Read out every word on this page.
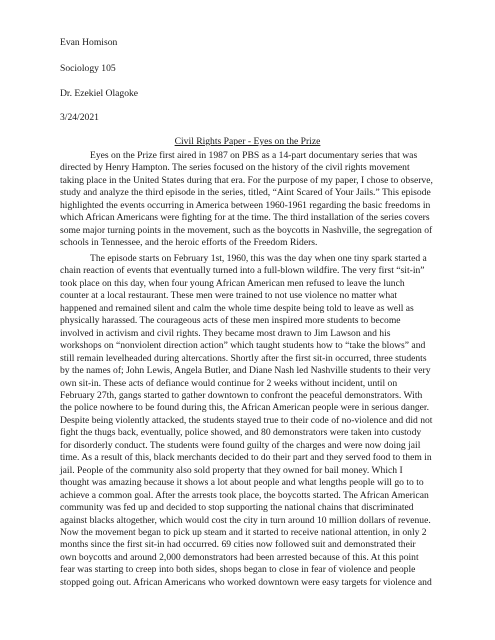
Evan Homison
Sociology 105
Dr. Ezekiel Olagoke
3/24/2021
Civil Rights Paper - Eyes on the Prize
Eyes on the Prize first aired in 1987 on PBS as a 14-part documentary series that was
directed by Henry Hampton. The series focused on the history of the civil rights movement
taking place in the United States during that era. For the purpose of my paper, I chose to observe,
study and analyze the third episode in the series, titled, “Aint Scared of Your Jails.” This episode
highlighted the events occurring in America between 1960-1961 regarding the basic freedoms in
which African Americans were fighting for at the time. The third installation of the series covers
some major turning points in the movement, such as the boycotts in Nashville, the segregation of
schools in Tennessee, and the heroic efforts of the Freedom Riders.
The episode starts on February 1st, 1960, this was the day when one tiny spark started a
chain reaction of events that eventually turned into a full-blown wildfire. The very first “sit-in”
took place on this day, when four young African American men refused to leave the lunch
counter at a local restaurant. These men were trained to not use violence no matter what
happened and remained silent and calm the whole time despite being told to leave as well as
physically harassed. The courageous acts of these men inspired more students to become
involved in activism and civil rights. They became most drawn to Jim Lawson and his
workshops on “nonviolent direction action” which taught students how to “take the blows” and
still remain levelheaded during altercations. Shortly after the first sit-in occurred, three students
by the names of; John Lewis, Angela Butler, and Diane Nash led Nashville students to their very
own sit-in. These acts of defiance would continue for 2 weeks without incident, until on
February 27th, gangs started to gather downtown to confront the peaceful demonstrators. With
the police nowhere to be found during this, the African American people were in serious danger.
Despite being violently attacked, the students stayed true to their code of no-violence and did not
fight the thugs back, eventually, police showed, and 80 demonstrators were taken into custody
for disorderly conduct. The students were found guilty of the charges and were now doing jail
time. As a result of this, black merchants decided to do their part and they served food to them in
jail. People of the community also sold property that they owned for bail money. Which I
thought was amazing because it shows a lot about people and what lengths people will go to to
achieve a common goal. After the arrests took place, the boycotts started. The African American
community was fed up and decided to stop supporting the national chains that discriminated
against blacks altogether, which would cost the city in turn around 10 million dollars of revenue.
Now the movement began to pick up steam and it started to receive national attention, in only 2
months since the first sit-in had occurred. 69 cities now followed suit and demonstrated their
own boycotts and around 2,000 demonstrators had been arrested because of this. At this point
fear was starting to creep into both sides, shops began to close in fear of violence and people
stopped going out. African Americans who worked downtown were easy targets for violence and
